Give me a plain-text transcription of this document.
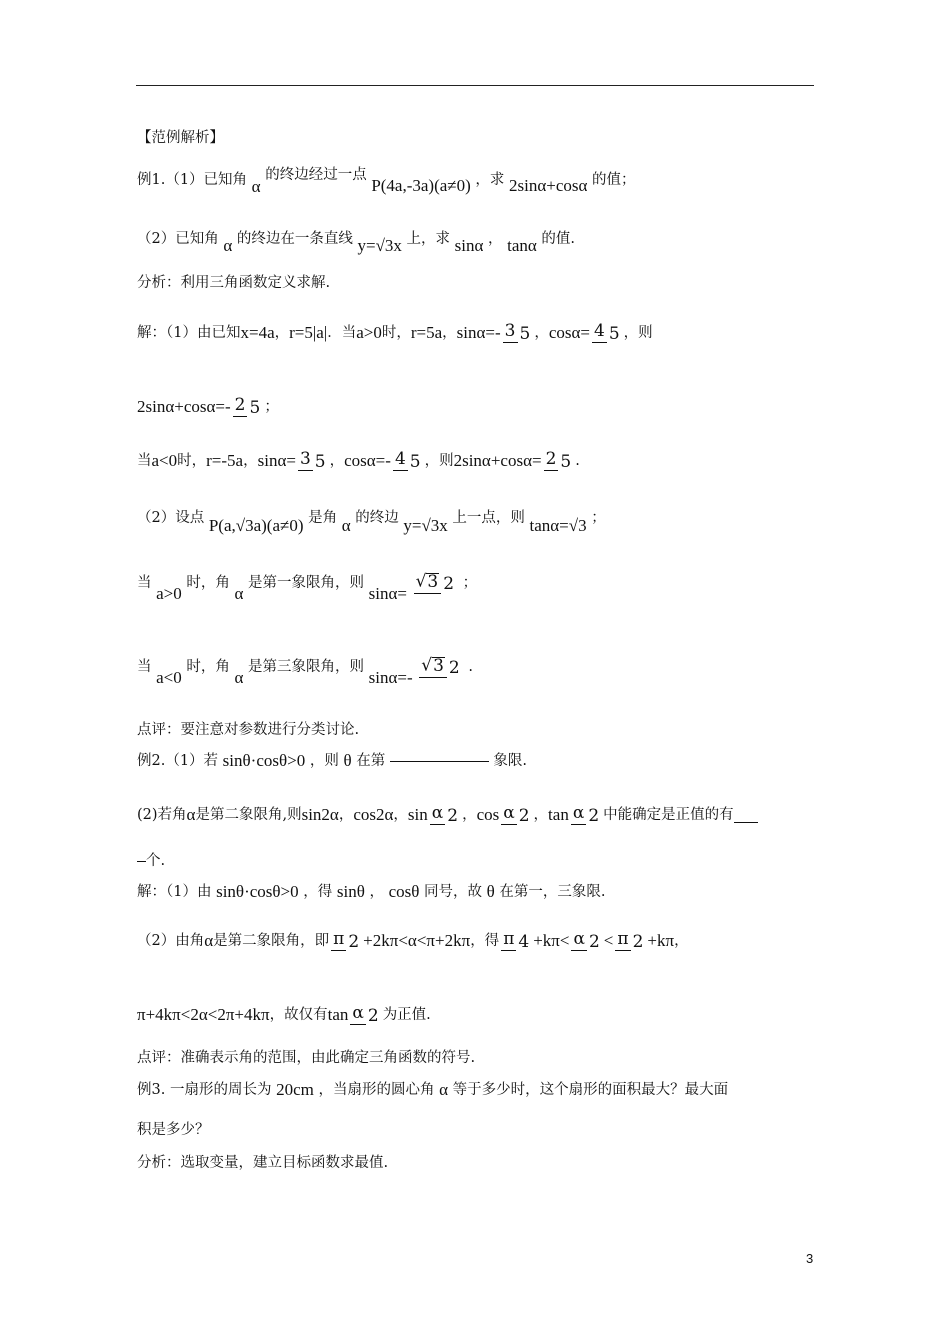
【范例解析】
例1.（1）已知角 α 的终边经过一点 P(4a,-3a)(a≠0) ，求 2sinα+cosα 的值；
（2）已知角 α 的终边在一条直线 y=√3x 上，求 sinα ， tanα 的值.
分析：利用三角函数定义求解.
解：（1）由已知 x=4a ， r=5|a| ．当 a>0 时， r=5a ， sinα=- 3 5 ， cosα= 4 5 ，则
2sinα+cosα=- 2 5 ；
当 a<0 时， r=-5a ， sinα= 3 5 ， cosα=- 4 5 ，则 2sinα+cosα= 2 5 .
（2）设点 P(a,√3a)(a≠0) 是角 α 的终边 y=√3x 上一点，则 tanα=√3 ；
当 a>0 时，角 α 是第一象限角，则 sinα= √3 2 ；
当 a<0 时，角 α 是第三象限角，则 sinα=- √3 2 .
点评：要注意对参数进行分类讨论.
例2.（1）若 sinθ·cosθ>0 ，则 θ 在第	象限.
(2)若角 α 是第二象限角,则 sin2α ， cos2α ， sin α 2 ， cos α 2 ， tan α 2 中能确定是正值的有
个.
解：（1）由 sinθ·cosθ>0 ，得 sinθ ， cosθ 同号，故 θ 在第一，三象限.
（2）由角 α 是第二象限角，即 π 2 +2kπ<α<π+2kπ ，得 π 4 +kπ< α 2 < π 2 +kπ ，
π+4kπ<2α<2π+4kπ ，故仅有 tan α 2 为正值.
点评：准确表示角的范围，由此确定三角函数的符号.
例3. 一扇形的周长为 20cm ，当扇形的圆心角 α 等于多少时，这个扇形的面积最大？最大面
积是多少？
分析：选取变量，建立目标函数求最值.
3
